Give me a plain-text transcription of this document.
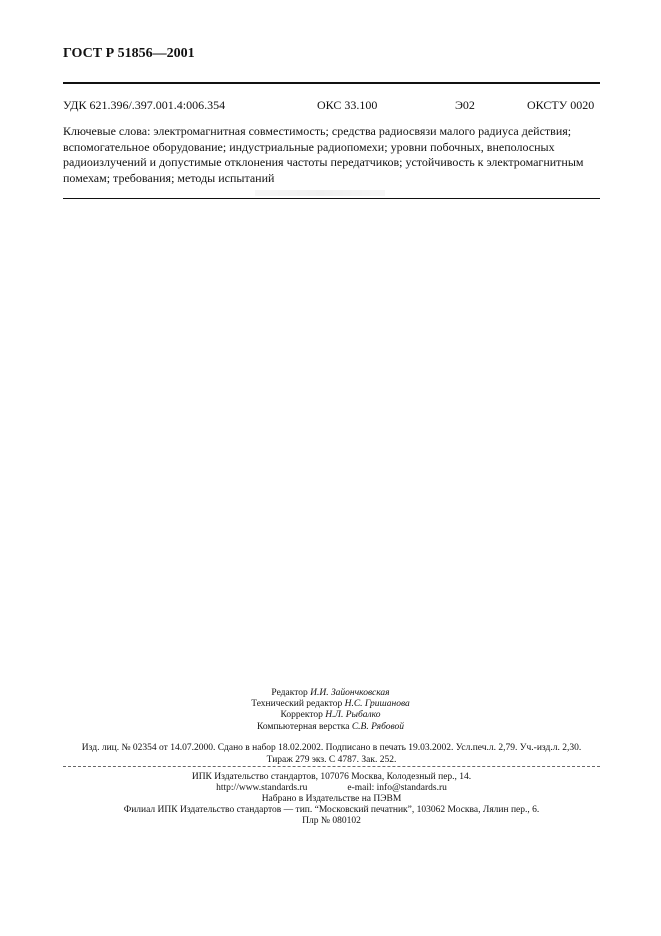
ГОСТ Р 51856—2001
УДК 621.396/.397.001.4:006.354	ОКС 33.100	Э02	ОКСТУ 0020
Ключевые слова: электромагнитная совместимость; средства радиосвязи малого радиуса действия;
вспомогательное оборудование; индустриальные радиопомехи; уровни побочных, внеполосных
радиоизлучений и допустимые отклонения частоты передатчиков; устойчивость к электромагнитным
помехам; требования; методы испытаний
Редактор И.И. Зайончковская
Технический редактор Н.С. Гришанова
Корректор Н.Л. Рыбалко
Компьютерная верстка С.В. Рябовой
Изд. лиц. № 02354 от 14.07.2000. Сдано в набор 18.02.2002. Подписано в печать 19.03.2002. Усл.печ.л. 2,79. Уч.-изд.л. 2,30.
Тираж 279 экз. С 4787. Зак. 252.
ИПК Издательство стандартов, 107076 Москва, Колодезный пер., 14.
http://www.standards.ru	e-mail: info@standards.ru
Набрано в Издательстве на ПЭВМ
Филиал ИПК Издательство стандартов — тип. “Московский печатник”, 103062 Москва, Лялин пер., 6.
Плр № 080102
